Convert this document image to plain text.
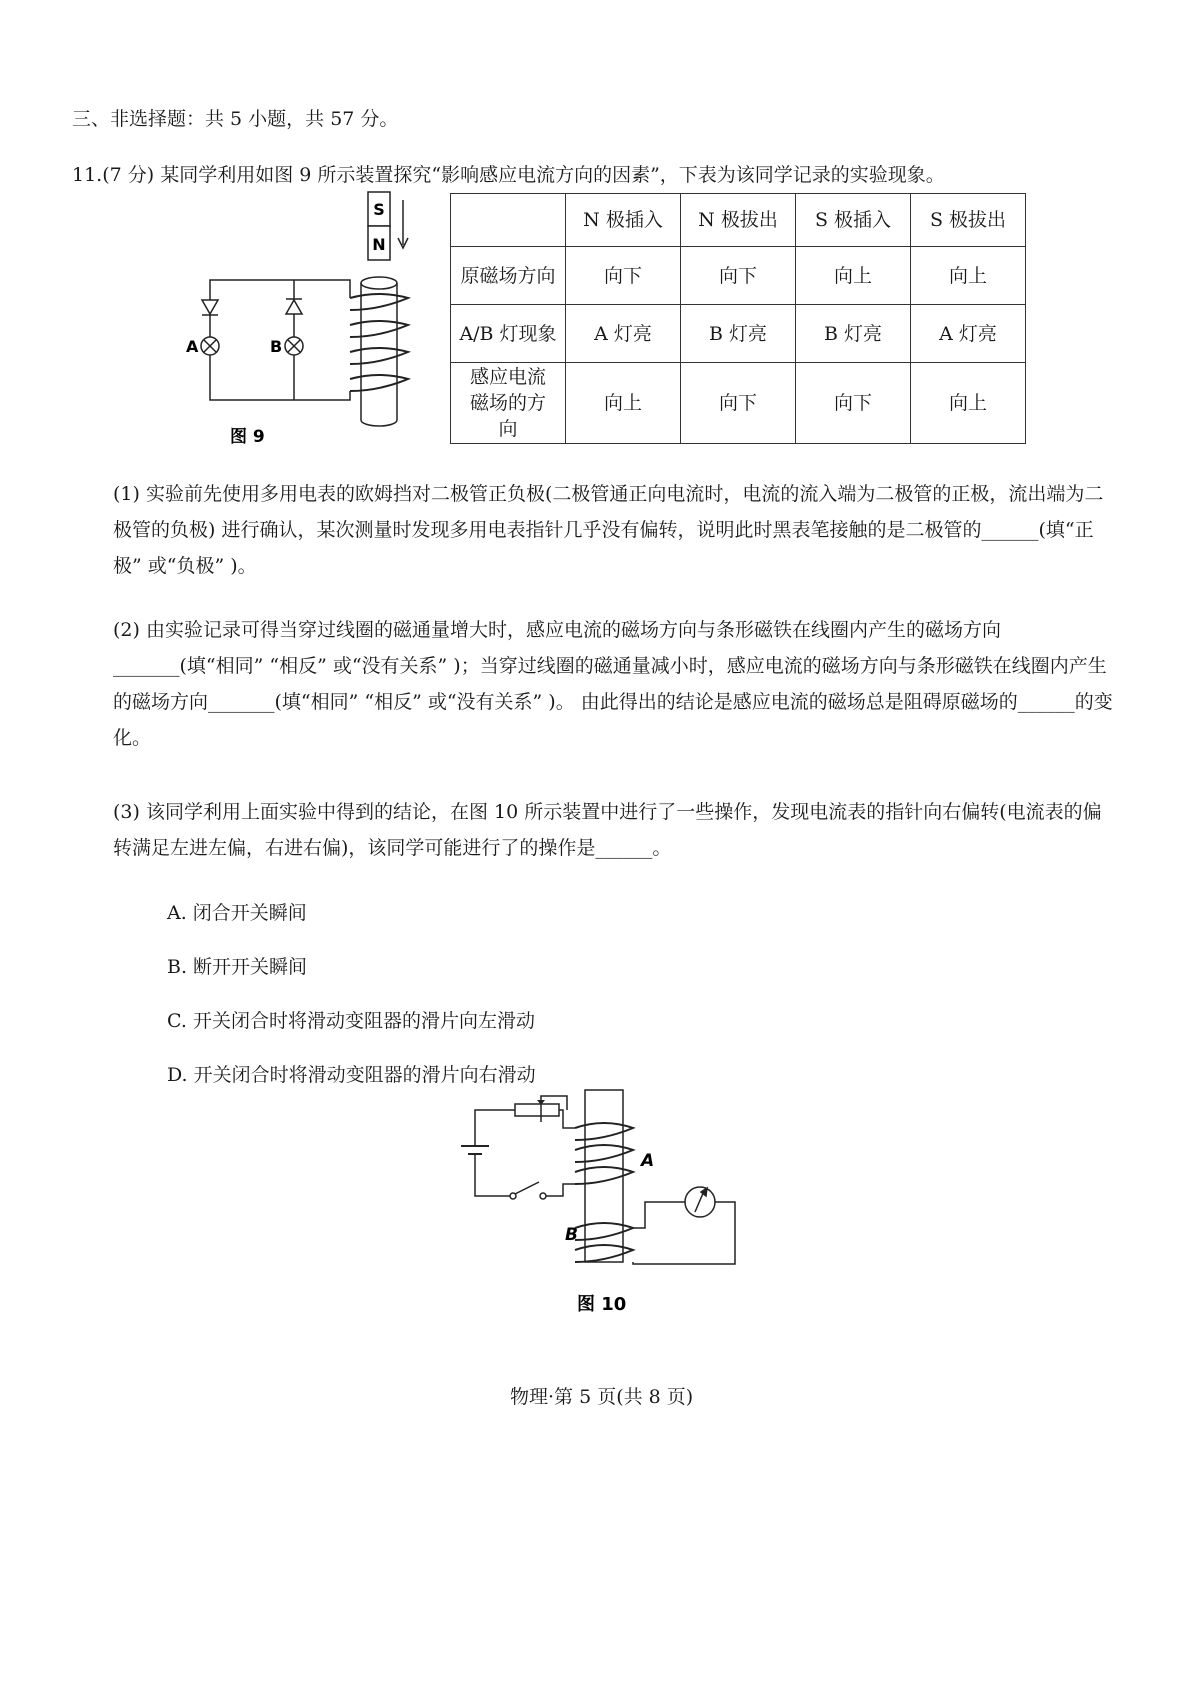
三、非选择题：共 5 小题，共 57 分。
11.(7 分) 某同学利用如图 9 所示装置探究“影响感应电流方向的因素”，下表为该同学记录的实验现象。
S
N
A	B
图 9
	N 极插入	N 极拔出	S 极插入	S 极拔出
原磁场方向	向下	向下	向上	向上
A/B 灯现象	A 灯亮	B 灯亮	B 灯亮	A 灯亮
感应电流磁场的方向	向上	向下	向下	向上
(1) 实验前先使用多用电表的欧姆挡对二极管正负极(二极管通正向电流时，电流的流入端为二极管的正极，流出端为二极管的负极) 进行确认，某次测量时发现多用电表指针几乎没有偏转，说明此时黑表笔接触的是二极管的______(填“正极” 或“负极” )。
(2) 由实验记录可得当穿过线圈的磁通量增大时，感应电流的磁场方向与条形磁铁在线圈内产生的磁场方向_______(填“相同” “相反” 或“没有关系” )；当穿过线圈的磁通量减小时，感应电流的磁场方向与条形磁铁在线圈内产生的磁场方向_______(填“相同” “相反” 或“没有关系” )。 由此得出的结论是感应电流的磁场总是阻碍原磁场的______的变化。
(3) 该同学利用上面实验中得到的结论，在图 10 所示装置中进行了一些操作，发现电流表的指针向右偏转(电流表的偏转满足左进左偏，右进右偏)，该同学可能进行了的操作是______。
A. 闭合开关瞬间
B. 断开开关瞬间
C. 开关闭合时将滑动变阻器的滑片向左滑动
D. 开关闭合时将滑动变阻器的滑片向右滑动
A
B
图 10
物理·第 5 页(共 8 页)
